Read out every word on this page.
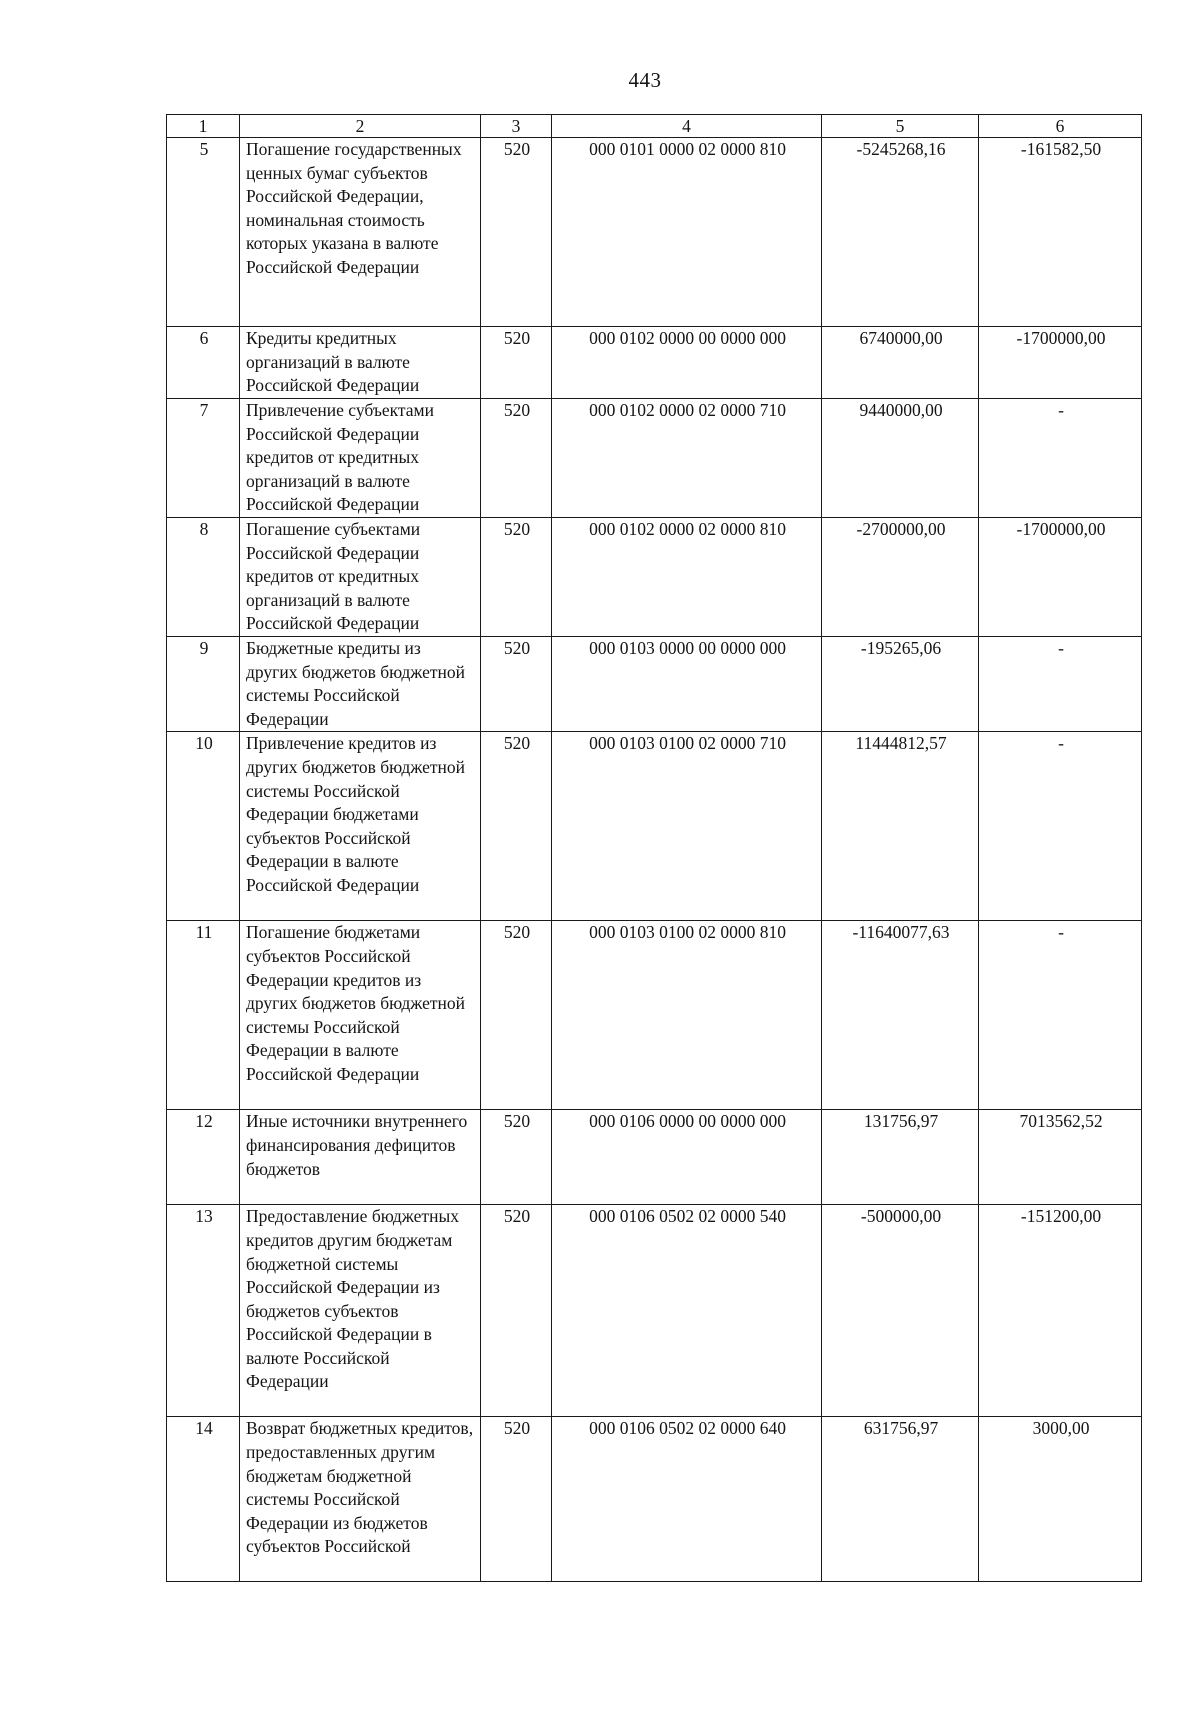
443
1	2	3	4	5	6
5	Погашение государственных ценных бумаг субъектов Российской Федерации, номинальная стоимость которых указана в валюте Российской Федерации	520	000 0101 0000 02 0000 810	-5245268,16	-161582,50
6	Кредиты кредитных организаций в валюте Российской Федерации	520	000 0102 0000 00 0000 000	6740000,00	-1700000,00
7	Привлечение субъектами Российской Федерации кредитов от кредитных организаций в валюте Российской Федерации	520	000 0102 0000 02 0000 710	9440000,00	-
8	Погашение субъектами Российской Федерации кредитов от кредитных организаций в валюте Российской Федерации	520	000 0102 0000 02 0000 810	-2700000,00	-1700000,00
9	Бюджетные кредиты из других бюджетов бюджетной системы Российской Федерации	520	000 0103 0000 00 0000 000	-195265,06	-
10	Привлечение кредитов из других бюджетов бюджетной системы Российской Федерации бюджетами субъектов Российской Федерации в валюте Российской Федерации	520	000 0103 0100 02 0000 710	11444812,57	-
11	Погашение бюджетами субъектов Российской Федерации кредитов из других бюджетов бюджетной системы Российской Федерации в валюте Российской Федерации	520	000 0103 0100 02 0000 810	-11640077,63	-
12	Иные источники внутреннего финансирования дефицитов бюджетов	520	000 0106 0000 00 0000 000	131756,97	7013562,52
13	Предоставление бюджетных кредитов другим бюджетам бюджетной системы Российской Федерации из бюджетов субъектов Российской Федерации в валюте Российской Федерации	520	000 0106 0502 02 0000 540	-500000,00	-151200,00
14	Возврат бюджетных кредитов, предоставленных другим бюджетам бюджетной системы Российской Федерации из бюджетов субъектов Российской	520	000 0106 0502 02 0000 640	631756,97	3000,00
